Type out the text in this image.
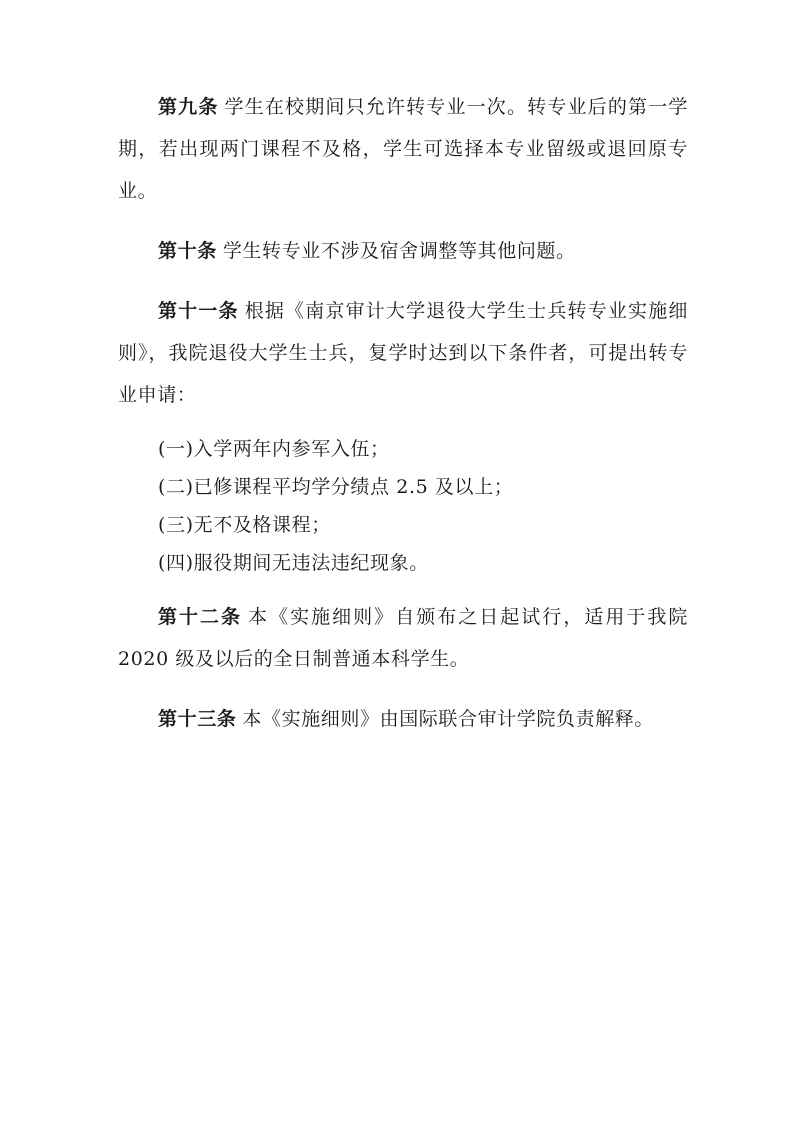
第九条 学生在校期间只允许转专业一次。转专业后的第一学期，若出现两门课程不及格，学生可选择本专业留级或退回原专业。

第十条 学生转专业不涉及宿舍调整等其他问题。

第十一条 根据《南京审计大学退役大学生士兵转专业实施细则》，我院退役大学生士兵，复学时达到以下条件者，可提出转专业申请：

(一)入学两年内参军入伍；
(二)已修课程平均学分绩点 2.5 及以上；
(三)无不及格课程；
(四)服役期间无违法违纪现象。

第十二条 本《实施细则》自颁布之日起试行，适用于我院 2020 级及以后的全日制普通本科学生。

第十三条 本《实施细则》由国际联合审计学院负责解释。
